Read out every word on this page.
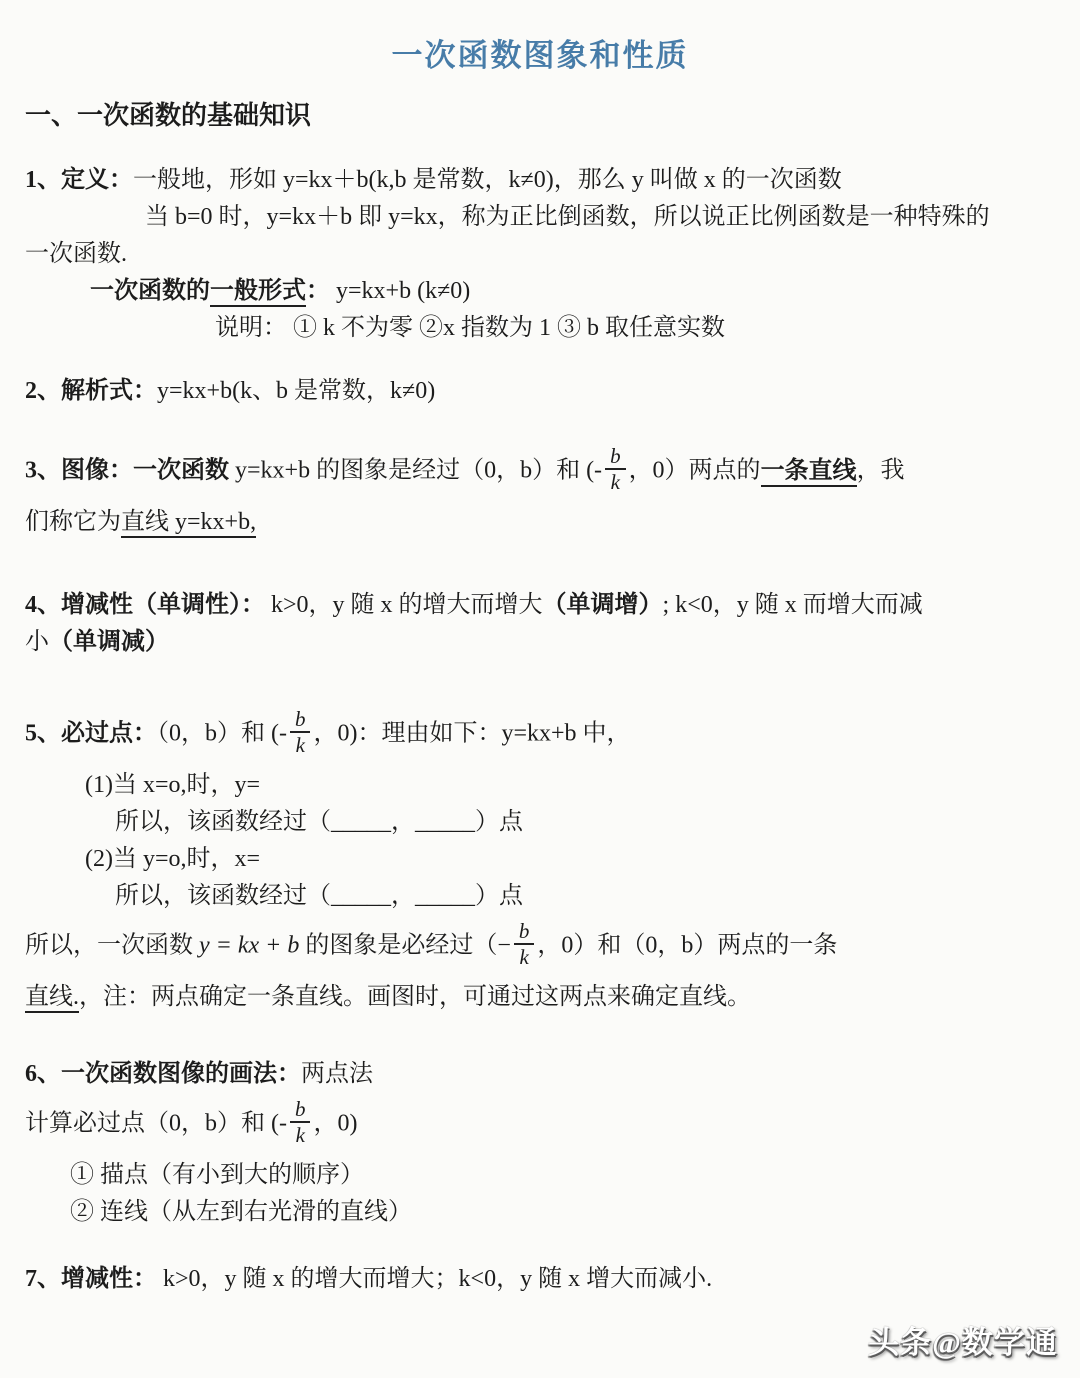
一次函数图象和性质
一、一次函数的基础知识
1、定义：一般地，形如 y=kx＋b(k,b 是常数，k≠0)，那么 y 叫做 x 的一次函数
当 b=0 时，y=kx＋b 即 y=kx，称为正比倒函数，所以说正比例函数是一种特殊的
一次函数.
一次函数的一般形式： y=kx+b (k≠0)
说明： ① k 不为零 ②x 指数为 1 ③ b 取任意实数
2、解析式：y=kx+b(k、b 是常数，k≠0)
3、图像：一次函数 y=kx+b 的图象是经过（0，b）和 (- $\frac{b}{k}$ ，0）两点的一条直线，我
们称它为直线 y=kx+b,
4、增减性（单调性）： k>0，y 随 x 的增大而增大（单调增）; k<0，y 随 x 而增大而减
小（单调减）
5、必过点：（0，b）和 (- $\frac{b}{k}$ ，0)：理由如下：y=kx+b 中，
(1)当 x=o,时，y=
所以，该函数经过（_____，_____）点
(2)当 y=o,时，x=
所以，该函数经过（_____，_____）点
所以，一次函数 y = kx + b 的图象是必经过（− $\frac{b}{k}$ ，0）和（0，b）两点的一条
直线.，注：两点确定一条直线。画图时，可通过这两点来确定直线。
6、一次函数图像的画法：两点法
计算必过点（0，b）和 (- $\frac{b}{k}$ ，0)
① 描点（有小到大的顺序）
② 连线（从左到右光滑的直线）
7、增减性： k>0，y 随 x 的增大而增大；k<0，y 随 x 增大而减小.
头条@数学通
